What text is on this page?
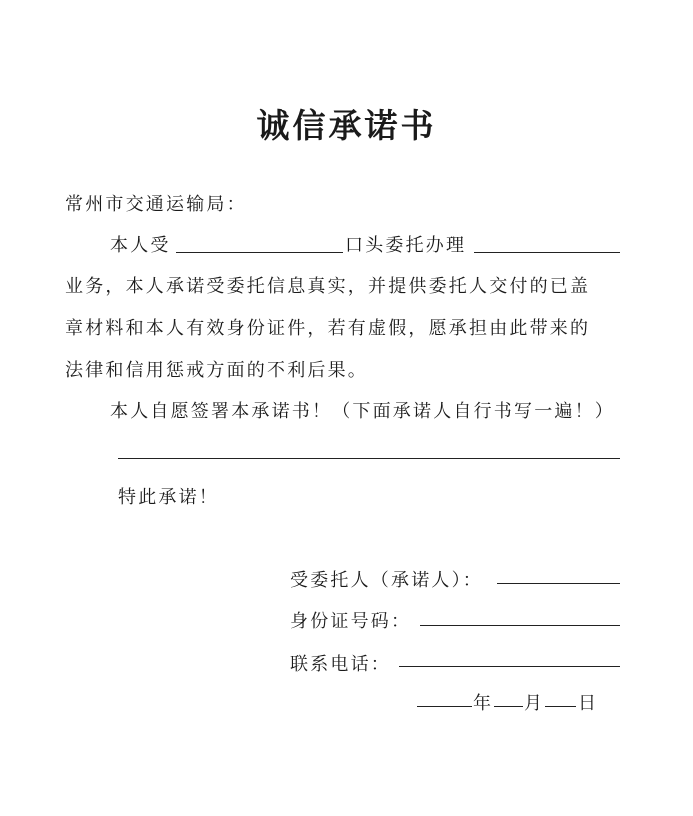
诚信承诺书
常州市交通运输局：
本人受	口头委托办理
业务，本人承诺受委托信息真实，并提供委托人交付的已盖
章材料和本人有效身份证件，若有虚假，愿承担由此带来的
法律和信用惩戒方面的不利后果。
本人自愿签署本承诺书！（下面承诺人自行书写一遍！）
特此承诺！
受委托人（承诺人）：
身份证号码：
联系电话：
年 月 日
